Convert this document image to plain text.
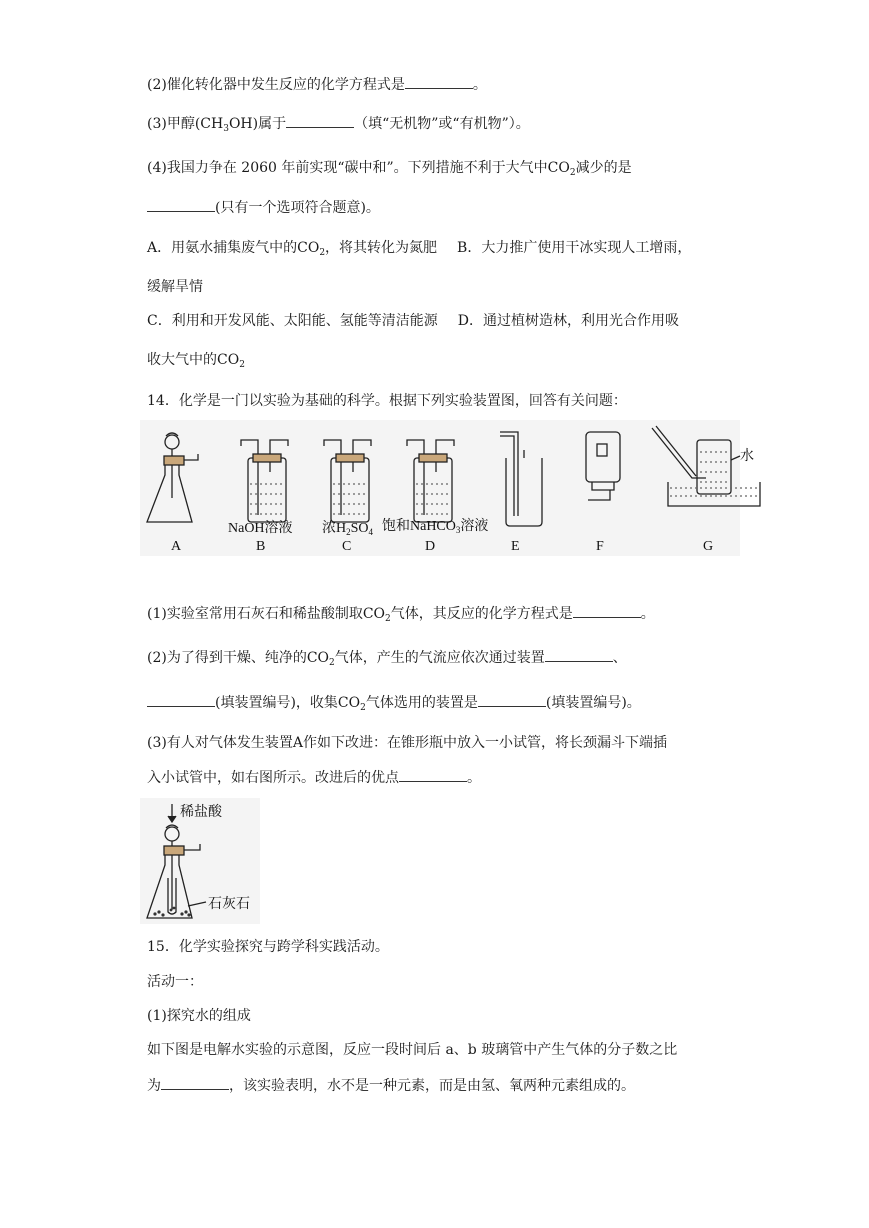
(2)催化转化器中发生反应的化学方程式是	。
(3)甲醇$(CH_3OH)$属于	（填“无机物”或“有机物”）。
(4)我国力争在 2060 年前实现“碳中和”。下列措施不利于大气中$CO_2$减少的是
(只有一个选项符合题意)。
A．用氨水捕集废气中的$CO_2$，将其转化为氮肥 B．大力推广使用干冰实现人工增雨，
缓解旱情
C．利用和开发风能、太阳能、氢能等清洁能源 D．通过植树造林，利用光合作用吸
收大气中的$CO_2$
14．化学是一门以实验为基础的科学。根据下列实验装置图，回答有关问题：
NaOH溶液 浓$H_2SO_4$ 饱和NaHCO$_3$溶液
水
A	B	C	D	E	F	G
(1)实验室常用石灰石和稀盐酸制取$CO_2$气体，其反应的化学方程式是	。
(2)为了得到干燥、纯净的$CO_2$气体，产生的气流应依次通过装置	、
(填装置编号)，收集$CO_2$气体选用的装置是	(填装置编号)。
(3)有人对气体发生装置A作如下改进：在锥形瓶中放入一小试管，将长颈漏斗下端插
入小试管中，如右图所示。改进后的优点	。
稀盐酸
石灰石
15．化学实验探究与跨学科实践活动。
活动一：
(1)探究水的组成
如下图是电解水实验的示意图，反应一段时间后 a、b 玻璃管中产生气体的分子数之比
为	，该实验表明，水不是一种元素，而是由氢、氧两种元素组成的。
